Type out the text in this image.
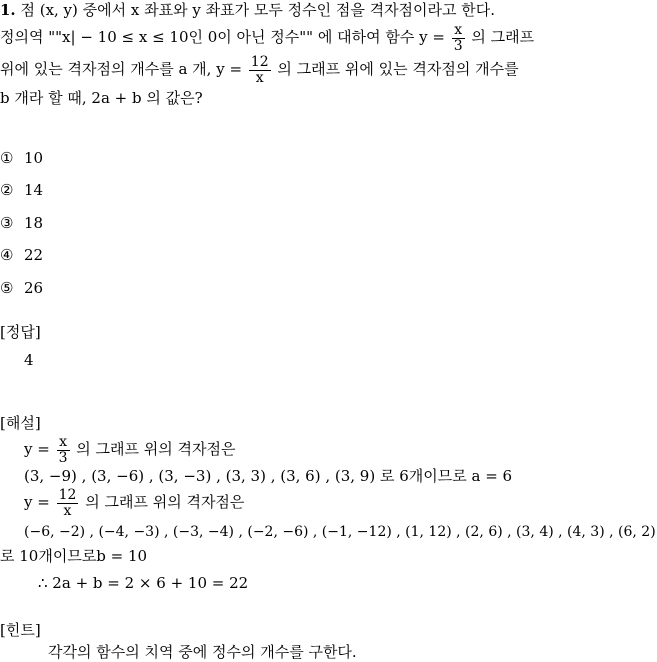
1. 점 (x, y) 중에서 x 좌표와 y 좌표가 모두 정수인 점을 격자점이라고 한다.
정의역 ""x| − 10 ≤ x ≤ 10인 0이 아닌 정수"" 에 대하여 함수 $y = \frac{x}{3}$ 의 그래프
위에 있는 격자점의 개수를 a 개, $y = \frac{12}{x}$ 의 그래프 위에 있는 격자점의 개수를
b 개라 할 때, 2a + b 의 값은?
① 10
② 14
③ 18
④ 22
⑤ 26
[정답]
4
[해설]
$y = \frac{x}{3}$ 의 그래프 위의 격자점은
(3, −9) , (3, −6) , (3, −3) , (3, 3) , (3, 6) , (3, 9) 로 6개이므로 a = 6
$y = \frac{12}{x}$ 의 그래프 위의 격자점은
(−6, −2) , (−4, −3) , (−3, −4) , (−2, −6) , (−1, −12) , (1, 12) , (2, 6) , (3, 4) , (4, 3) , (6, 2)
로 10개이므로b = 10
∴ 2a + b = 2 × 6 + 10 = 22
[힌트]
각각의 함수의 치역 중에 정수의 개수를 구한다.
